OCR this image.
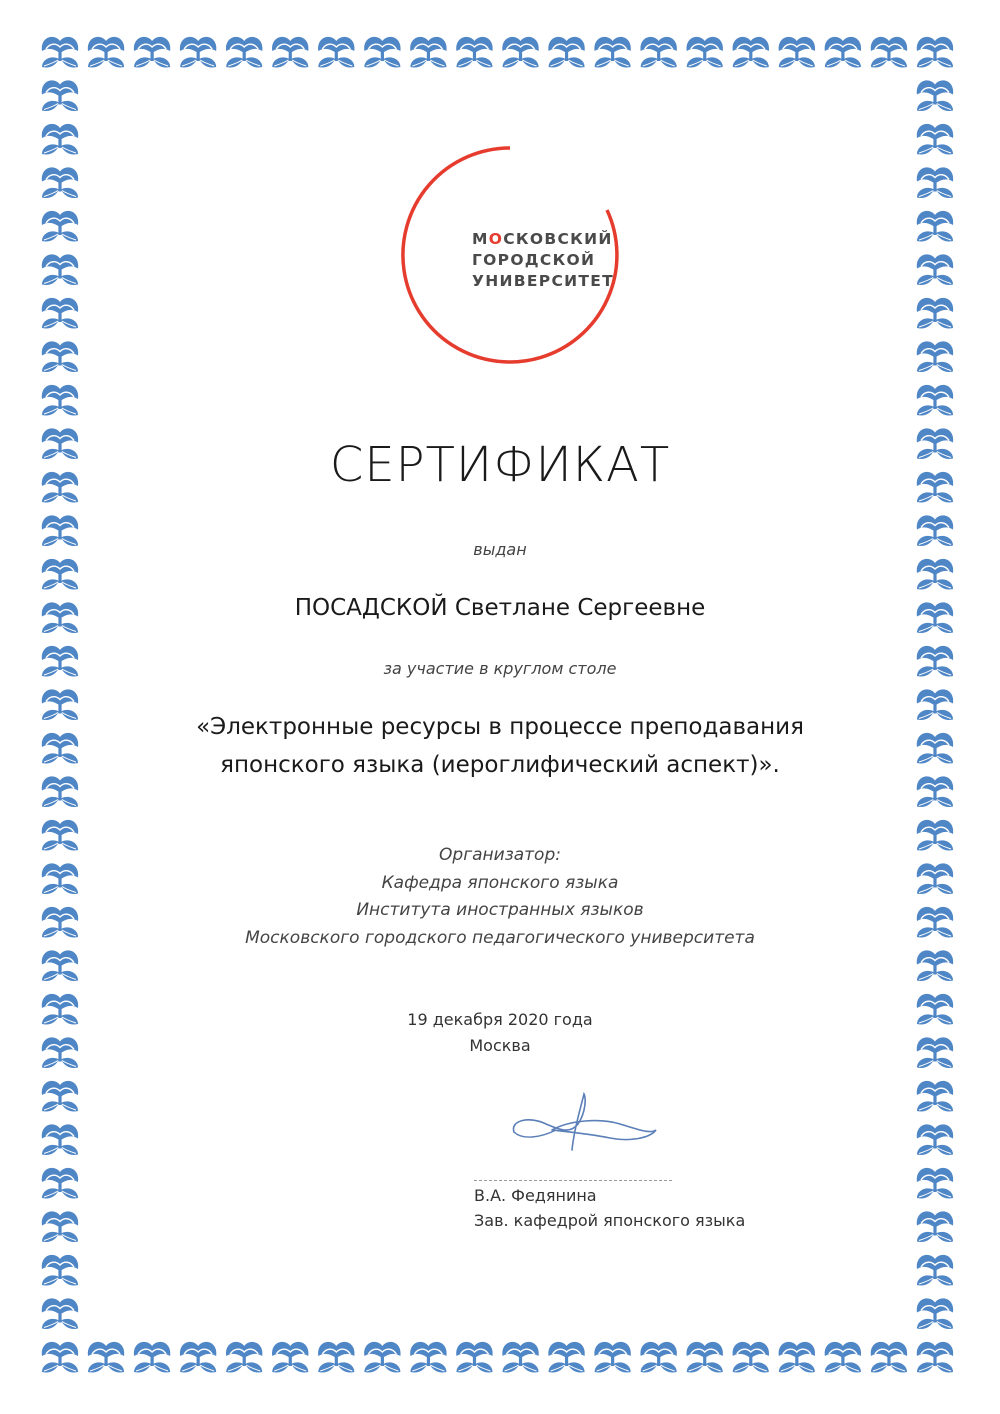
МОСКОВСКИЙ
ГОРОДСКОЙ
УНИВЕРСИТЕТ
СЕРТИФИКАТ
выдан
ПОСАДСКОЙ Светлане Сергеевне
за участие в круглом столе
«Электронные ресурсы в процессе преподавания
японского языка (иероглифический аспект)».
Организатор:
Кафедра японского языка
Института иностранных языков
Московского городского педагогического университета
19 декабря 2020 года
Москва
В.А. Федянина
Зав. кафедрой японского языка
